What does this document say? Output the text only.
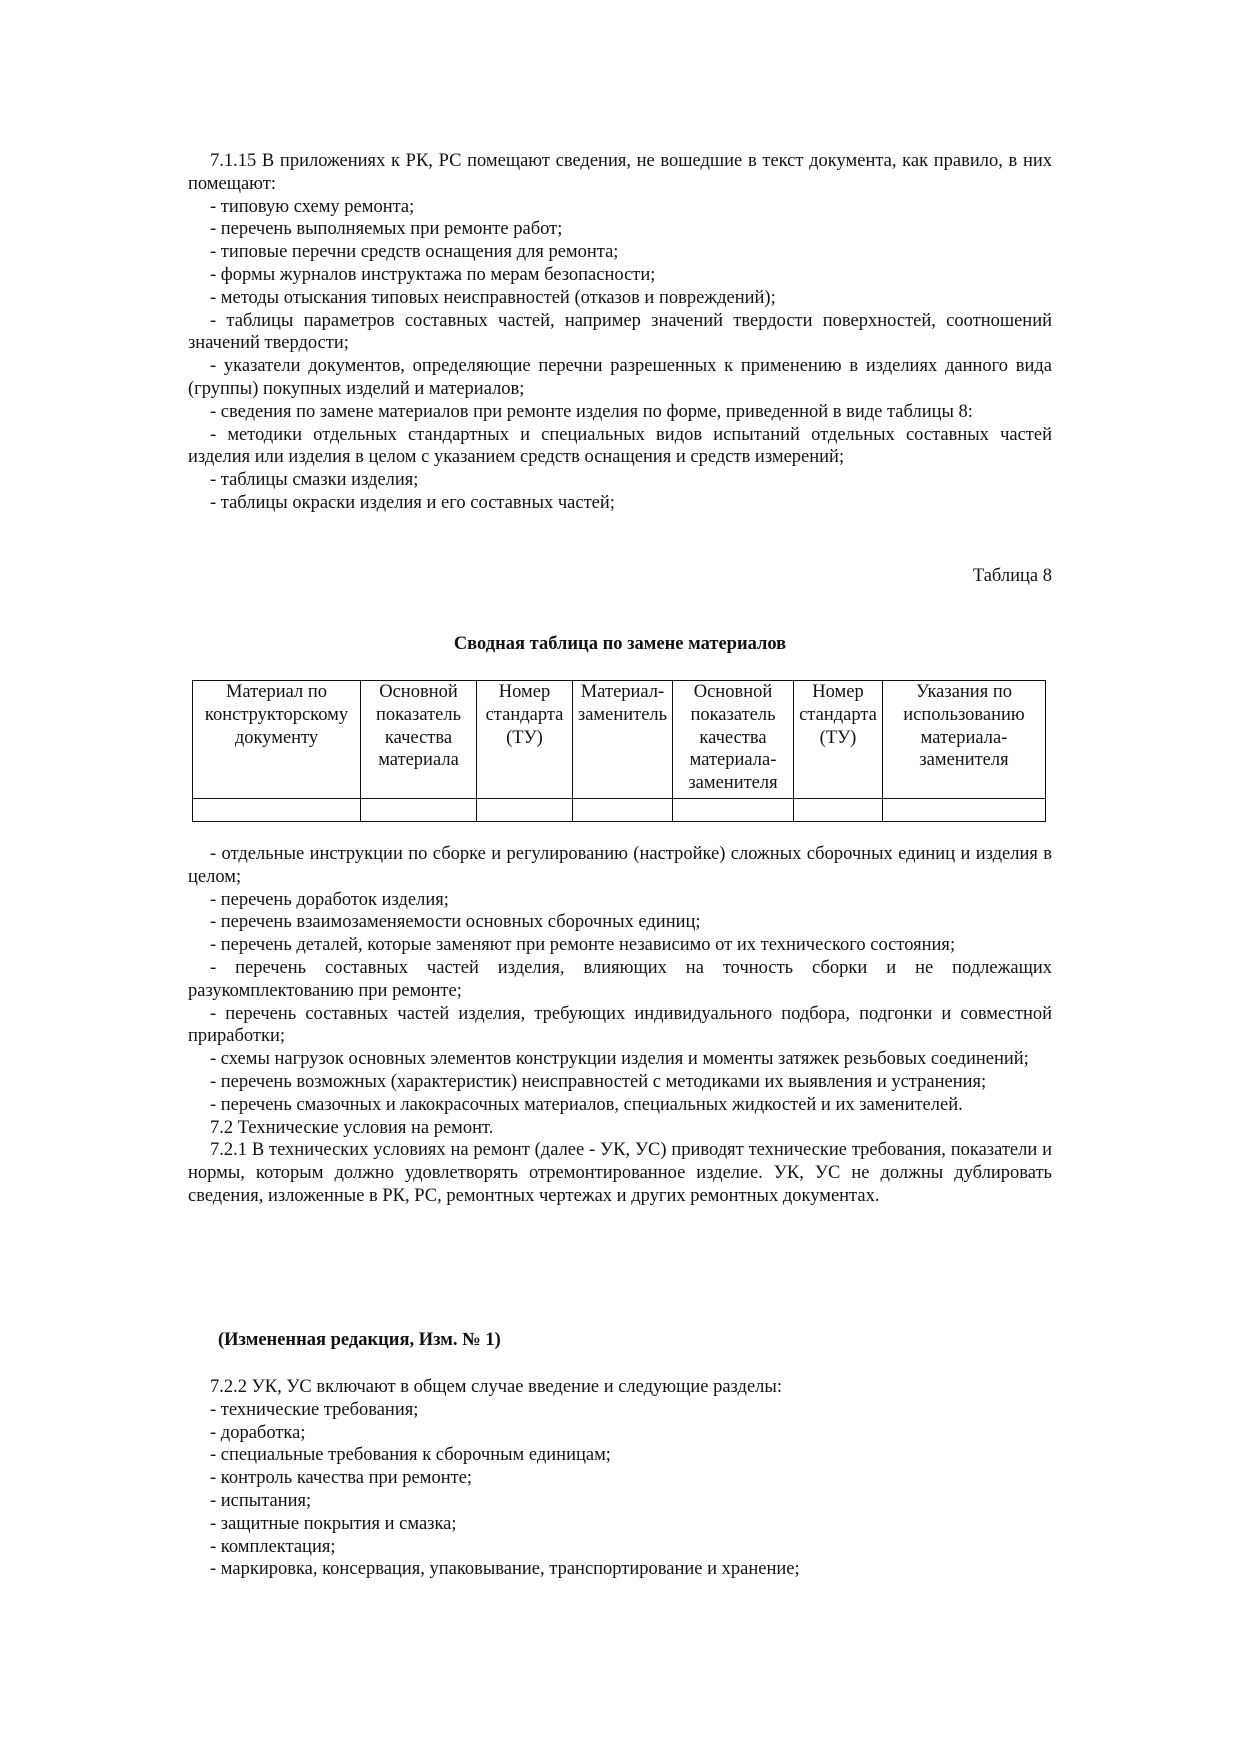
7.1.15 В приложениях к РК, РС помещают сведения, не вошедшие в текст документа, как правило, в них помещают:

- типовую схему ремонта;

- перечень выполняемых при ремонте работ;

- типовые перечни средств оснащения для ремонта;

- формы журналов инструктажа по мерам безопасности;

- методы отыскания типовых неисправностей (отказов и повреждений);

- таблицы параметров составных частей, например значений твердости поверхностей, соотношений значений твердости;

- указатели документов, определяющие перечни разрешенных к применению в изделиях данного вида (группы) покупных изделий и материалов;

- сведения по замене материалов при ремонте изделия по форме, приведенной в виде таблицы 8:

- методики отдельных стандартных и специальных видов испытаний отдельных составных частей изделия или изделия в целом с указанием средств оснащения и средств измерений;

- таблицы смазки изделия;

- таблицы окраски изделия и его составных частей;

Таблица 8
Сводная таблица по замене материалов
Материал по конструкторскому документу	Основной показатель качества материала	Номер стандарта (ТУ)	Материал-заменитель	Основной показатель качества материала-заменителя	Номер стандарта (ТУ)	Указания по использованию материала-заменителя

- отдельные инструкции по сборке и регулированию (настройке) сложных сборочных единиц и изделия в целом;

- перечень доработок изделия;

- перечень взаимозаменяемости основных сборочных единиц;

- перечень деталей, которые заменяют при ремонте независимо от их технического состояния;

- перечень составных частей изделия, влияющих на точность сборки и не подлежащих разукомплектованию при ремонте;

- перечень составных частей изделия, требующих индивидуального подбора, подгонки и совместной приработки;

- схемы нагрузок основных элементов конструкции изделия и моменты затяжек резьбовых соединений;

- перечень возможных (характеристик) неисправностей с методиками их выявления и устранения;

- перечень смазочных и лакокрасочных материалов, специальных жидкостей и их заменителей.

7.2 Технические условия на ремонт.

7.2.1 В технических условиях на ремонт (далее - УК, УС) приводят технические требования, показатели и нормы, которым должно удовлетворять отремонтированное изделие. УК, УС не должны дублировать сведения, изложенные в РК, РС, ремонтных чертежах и других ремонтных документах.

(Измененная редакция, Изм. № 1)

7.2.2 УК, УС включают в общем случае введение и следующие разделы:

- технические требования;

- доработка;

- специальные требования к сборочным единицам;

- контроль качества при ремонте;

- испытания;

- защитные покрытия и смазка;

- комплектация;

- маркировка, консервация, упаковывание, транспортирование и хранение;
